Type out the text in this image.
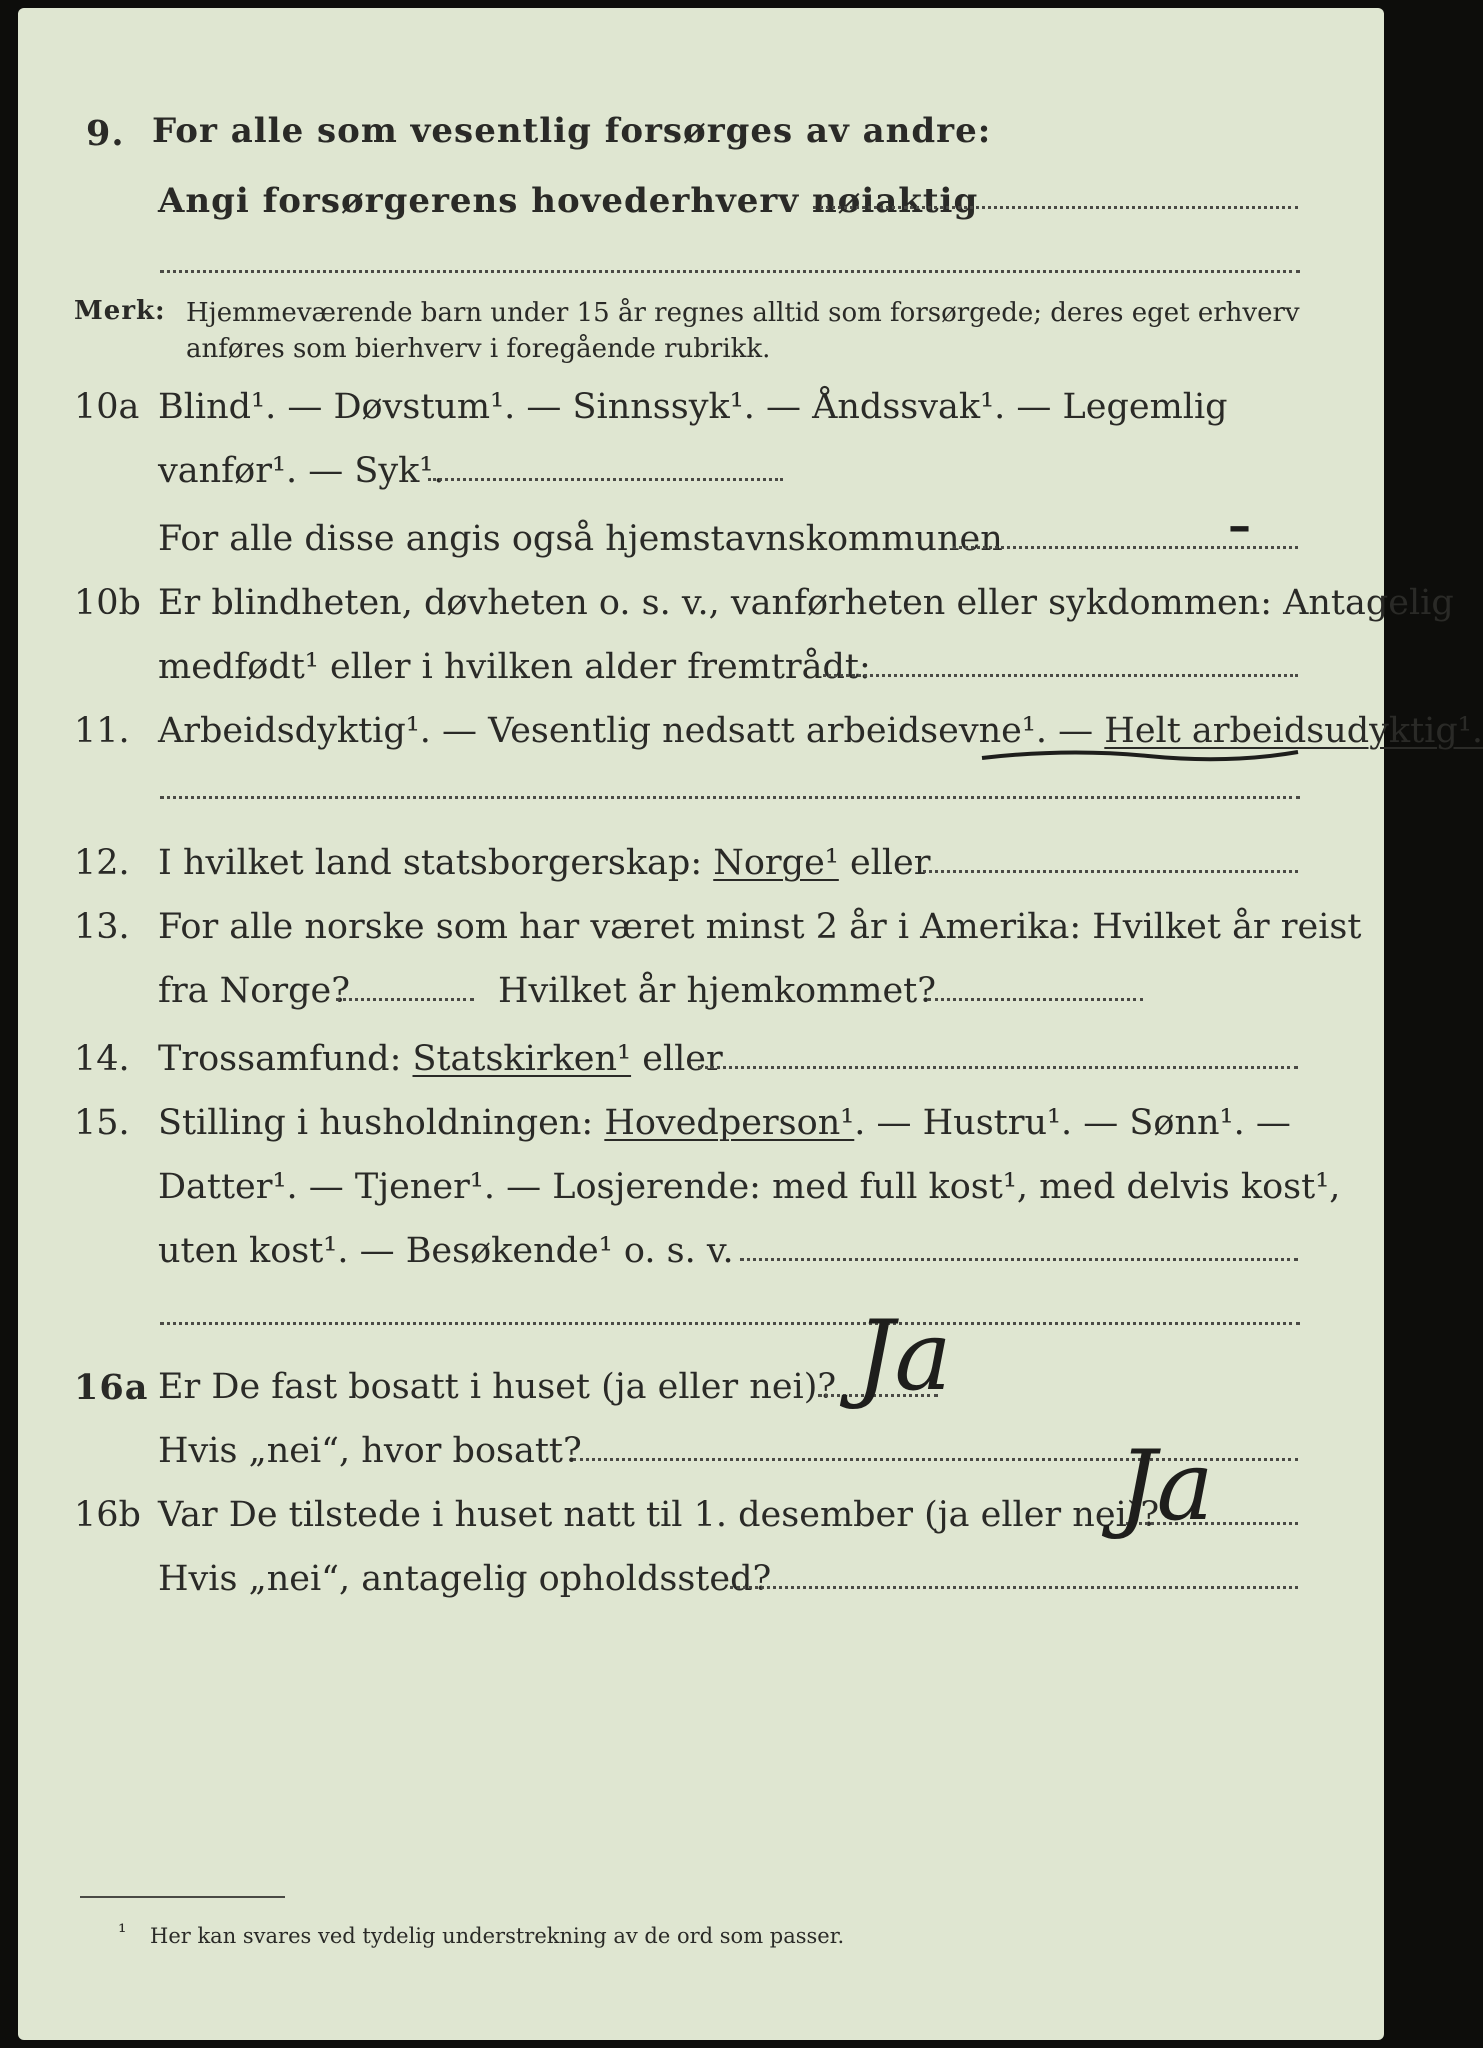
9. For alle som vesentlig forsørges av andre:
Angi forsørgerens hovederhverv nøiaktig
Merk: Hjemmeværende barn under 15 år regnes alltid som forsørgede; deres eget erhverv
anføres som bierhverv i foregående rubrikk.
10a Blind¹. — Døvstum¹. — Sinnssyk¹. — Åndssvak¹. — Legemlig
vanfør¹. — Syk¹.
For alle disse angis også hjemstavnskommunen	–
10b Er blindheten, døvheten o. s. v., vanførheten eller sykdommen: Antagelig
medfødt¹ eller i hvilken alder fremtrådt:
11. Arbeidsdyktig¹. — Vesentlig nedsatt arbeidsevne¹. — Helt arbeidsudyktig¹.
12. I hvilket land statsborgerskap: Norge¹ eller
13. For alle norske som har været minst 2 år i Amerika: Hvilket år reist
fra Norge?	Hvilket år hjemkommet?
14. Trossamfund: Statskirken¹ eller
15. Stilling i husholdningen: Hovedperson¹. — Hustru¹. — Sønn¹. —
Datter¹. — Tjener¹. — Losjerende: med full kost¹, med delvis kost¹,
uten kost¹. — Besøkende¹ o. s. v.
16a Er De fast bosatt i huset (ja eller nei)? Ja
Hvis „nei“, hvor bosatt?
16b Var De tilstede i huset natt til 1. desember (ja eller nei)?
Ja
Hvis „nei“, antagelig opholdssted?
¹ Her kan svares ved tydelig understrekning av de ord som passer.
